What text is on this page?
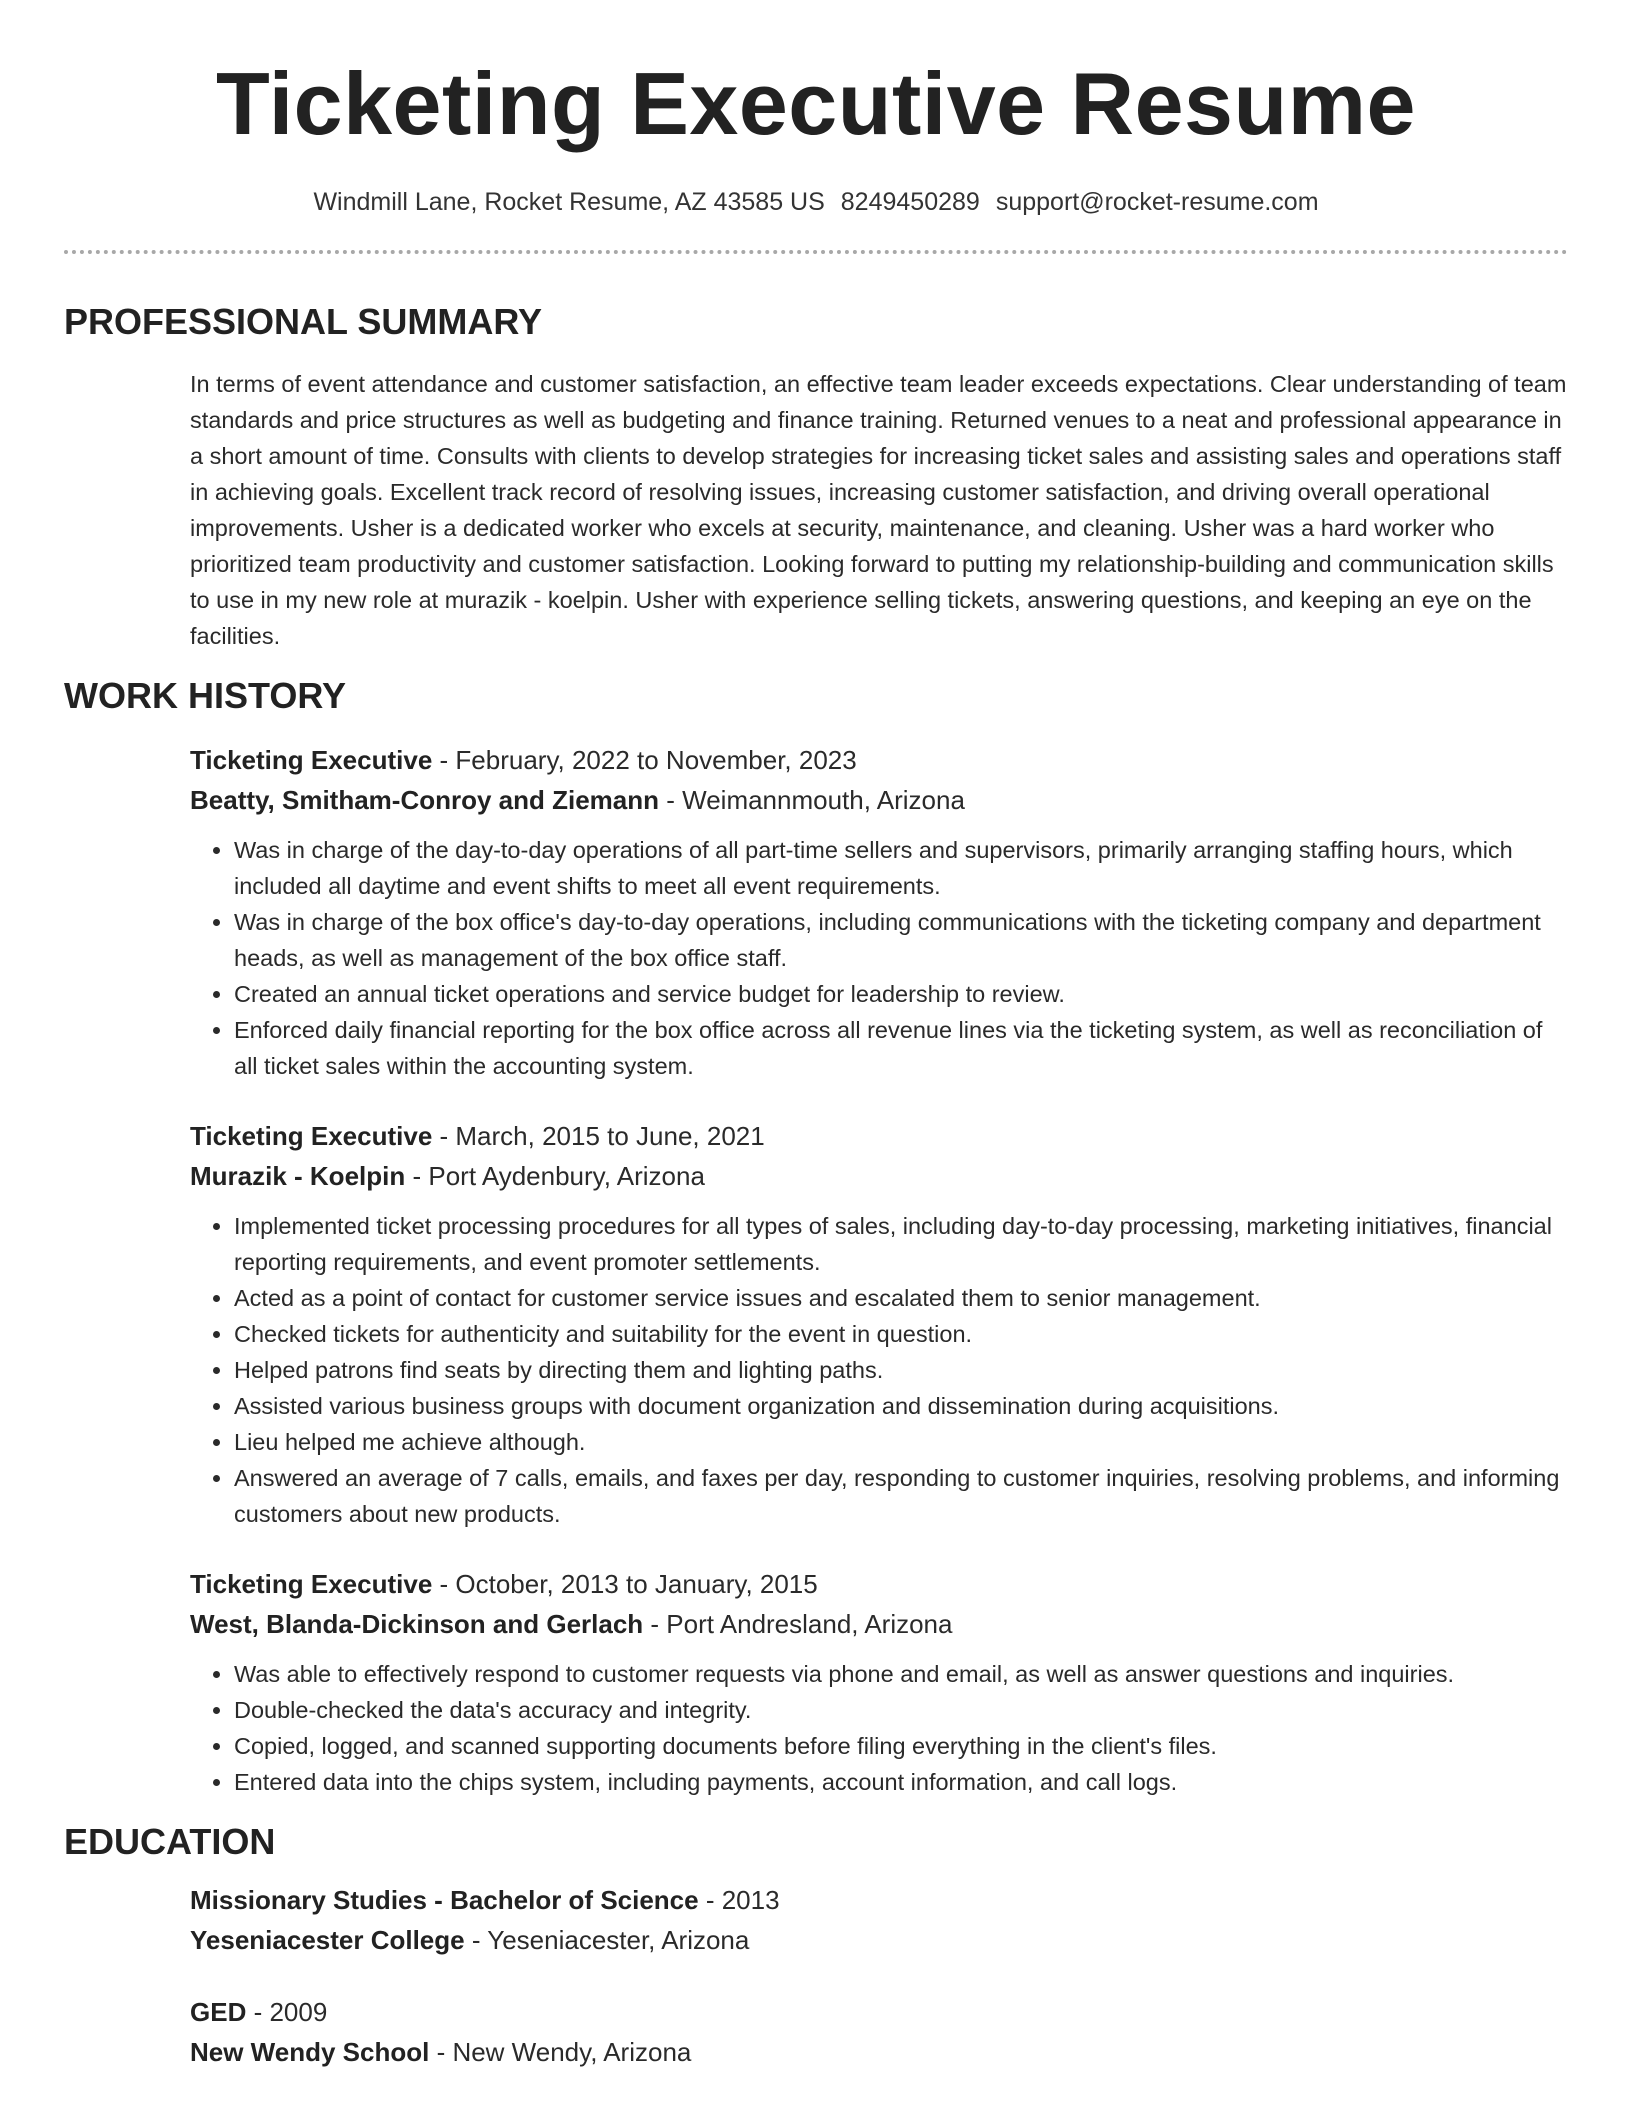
Ticketing Executive Resume
Windmill Lane, Rocket Resume, AZ 43585 US 8249450289 support@rocket-resume.com
PROFESSIONAL SUMMARY
In terms of event attendance and customer satisfaction, an effective team leader exceeds expectations. Clear understanding of team standards and price structures as well as budgeting and finance training. Returned venues to a neat and professional appearance in a short amount of time. Consults with clients to develop strategies for increasing ticket sales and assisting sales and operations staff in achieving goals. Excellent track record of resolving issues, increasing customer satisfaction, and driving overall operational improvements. Usher is a dedicated worker who excels at security, maintenance, and cleaning. Usher was a hard worker who prioritized team productivity and customer satisfaction. Looking forward to putting my relationship-building and communication skills to use in my new role at murazik - koelpin. Usher with experience selling tickets, answering questions, and keeping an eye on the facilities.
WORK HISTORY
Ticketing Executive - February, 2022 to November, 2023
Beatty, Smitham-Conroy and Ziemann - Weimannmouth, Arizona
• Was in charge of the day-to-day operations of all part-time sellers and supervisors, primarily arranging staffing hours, which included all daytime and event shifts to meet all event requirements.
• Was in charge of the box office's day-to-day operations, including communications with the ticketing company and department heads, as well as management of the box office staff.
• Created an annual ticket operations and service budget for leadership to review.
• Enforced daily financial reporting for the box office across all revenue lines via the ticketing system, as well as reconciliation of all ticket sales within the accounting system.
Ticketing Executive - March, 2015 to June, 2021
Murazik - Koelpin - Port Aydenbury, Arizona
• Implemented ticket processing procedures for all types of sales, including day-to-day processing, marketing initiatives, financial reporting requirements, and event promoter settlements.
• Acted as a point of contact for customer service issues and escalated them to senior management.
• Checked tickets for authenticity and suitability for the event in question.
• Helped patrons find seats by directing them and lighting paths.
• Assisted various business groups with document organization and dissemination during acquisitions.
• Lieu helped me achieve although.
• Answered an average of 7 calls, emails, and faxes per day, responding to customer inquiries, resolving problems, and informing customers about new products.
Ticketing Executive - October, 2013 to January, 2015
West, Blanda-Dickinson and Gerlach - Port Andresland, Arizona
• Was able to effectively respond to customer requests via phone and email, as well as answer questions and inquiries.
• Double-checked the data's accuracy and integrity.
• Copied, logged, and scanned supporting documents before filing everything in the client's files.
• Entered data into the chips system, including payments, account information, and call logs.
EDUCATION
Missionary Studies - Bachelor of Science - 2013
Yeseniacester College - Yeseniacester, Arizona
GED - 2009
New Wendy School - New Wendy, Arizona
